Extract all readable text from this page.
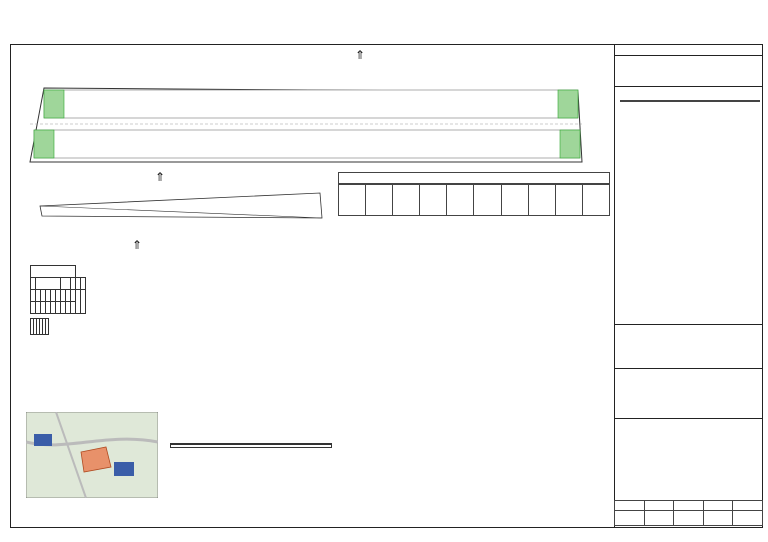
⇑
⇑
⇑
